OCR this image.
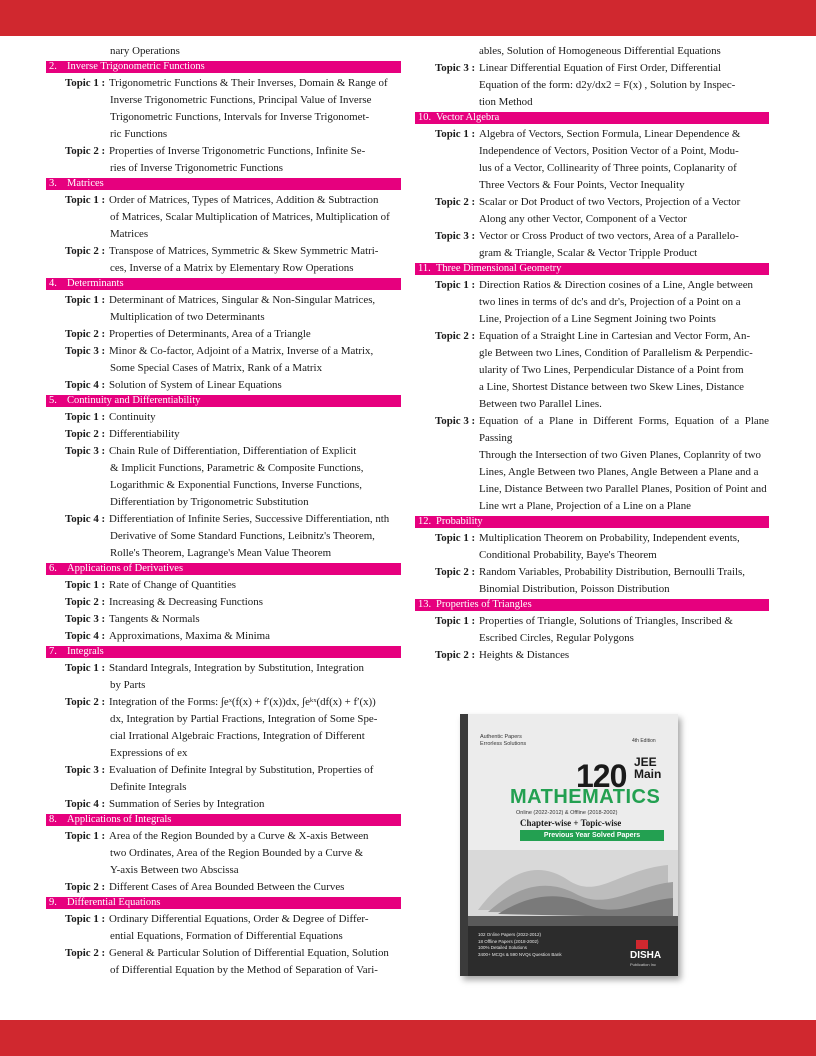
nary Operations
2. Inverse Trigonometric Functions
Topic 1 : Trigonometric Functions & Their Inverses, Domain & Range of
Inverse Trigonometric Functions, Principal Value of Inverse
Trigonometric Functions, Intervals for Inverse Trigonomet-
ric Functions
Topic 2 : Properties of Inverse Trigonometric Functions, Infinite Se-
ries of Inverse Trigonometric Functions
3. Matrices
Topic 1 : Order of Matrices, Types of Matrices, Addition & Subtraction
of Matrices, Scalar Multiplication of Matrices, Multiplication of
Matrices
Topic 2 : Transpose of Matrices, Symmetric & Skew Symmetric Matri-
ces, Inverse of a Matrix by Elementary Row Operations
4. Determinants
Topic 1 : Determinant of Matrices, Singular & Non-Singular Matrices,
Multiplication of two Determinants
Topic 2 : Properties of Determinants, Area of a Triangle
Topic 3 : Minor & Co-factor, Adjoint of a Matrix, Inverse of a Matrix,
Some Special Cases of Matrix, Rank of a Matrix
Topic 4 : Solution of System of Linear Equations
5. Continuity and Differentiability
Topic 1 : Continuity
Topic 2 : Differentiability
Topic 3 : Chain Rule of Differentiation, Differentiation of Explicit
& Implicit Functions, Parametric & Composite Functions,
Logarithmic & Exponential Functions, Inverse Functions,
Differentiation by Trigonometric Substitution
Topic 4 : Differentiation of Infinite Series, Successive Differentiation, nth
Derivative of Some Standard Functions, Leibnitz's Theorem,
Rolle's Theorem, Lagrange's Mean Value Theorem
6. Applications of Derivatives
Topic 1 : Rate of Change of Quantities
Topic 2 : Increasing & Decreasing Functions
Topic 3 : Tangents & Normals
Topic 4 : Approximations, Maxima & Minima
7. Integrals
Topic 1 : Standard Integrals, Integration by Substitution, Integration
by Parts
Topic 2 : Integration of the Forms: ∫eˣ(f(x) + f′(x))dx, ∫eᵏˣ(df(x) + f′(x))
dx, Integration by Partial Fractions, Integration of Some Spe-
cial Irrational Algebraic Fractions, Integration of Different
Expressions of ex
Topic 3 : Evaluation of Definite Integral by Substitution, Properties of
Definite Integrals
Topic 4 : Summation of Series by Integration
8. Applications of Integrals
Topic 1 : Area of the Region Bounded by a Curve & X-axis Between
two Ordinates, Area of the Region Bounded by a Curve &
Y-axis Between two Abscissa
Topic 2 : Different Cases of Area Bounded Between the Curves
9. Differential Equations
Topic 1 : Ordinary Differential Equations, Order & Degree of Differ-
ential Equations, Formation of Differential Equations
Topic 2 : General & Particular Solution of Differential Equation, Solution
of Differential Equation by the Method of Separation of Vari-
ables, Solution of Homogeneous Differential Equations
Topic 3 : Linear Differential Equation of First Order, Differential
Equation of the form: d2y/dx2 = F(x) , Solution by Inspec-
tion Method
10. Vector Algebra
Topic 1 : Algebra of Vectors, Section Formula, Linear Dependence &
Independence of Vectors, Position Vector of a Point, Modu-
lus of a Vector, Collinearity of Three points, Coplanarity of
Three Vectors & Four Points, Vector Inequality
Topic 2 : Scalar or Dot Product of two Vectors, Projection of a Vector
Along any other Vector, Component of a Vector
Topic 3 : Vector or Cross Product of two vectors, Area of a Parallelo-
gram & Triangle, Scalar & Vector Tripple Product
11. Three Dimensional Geometry
Topic 1 : Direction Ratios & Direction cosines of a Line, Angle between
two lines in terms of dc's and dr's, Projection of a Point on a
Line, Projection of a Line Segment Joining two Points
Topic 2 : Equation of a Straight Line in Cartesian and Vector Form, An-
gle Between two Lines, Condition of Parallelism & Perpendic-
ularity of Two Lines, Perpendicular Distance of a Point from
a Line, Shortest Distance between two Skew Lines, Distance
Between two Parallel Lines.
Topic 3 : Equation of a Plane in Different Forms, Equation of a Plane Passing
Through the Intersection of two Given Planes, Coplanrity of two
Lines, Angle Between two Planes, Angle Between a Plane and a
Line, Distance Between two Parallel Planes, Position of Point and
Line wrt a Plane, Projection of a Line on a Plane
12. Probability
Topic 1 : Multiplication Theorem on Probability, Independent events,
Conditional Probability, Baye's Theorem
Topic 2 : Random Variables, Probability Distribution, Bernoulli Trails,
Binomial Distribution, Poisson Distribution
13. Properties of Triangles
Topic 1 : Properties of Triangle, Solutions of Triangles, Inscribed &
Escribed Circles, Regular Polygons
Topic 2 : Heights & Distances
Authentic Papers Errorless Solutions	4th Edition
120 JEE Main
MATHEMATICS
Online (2022-2012) & Offline (2018-2002)
Chapter-wise + Topic-wise
Previous Year Solved Papers
102 Online Papers (2022-2012)
18 Offline Papers (2018-2002)
100% Detailed Solutions
3400+ MCQs & 590 NVQs Question Bank	DISHA
Publication Inc
